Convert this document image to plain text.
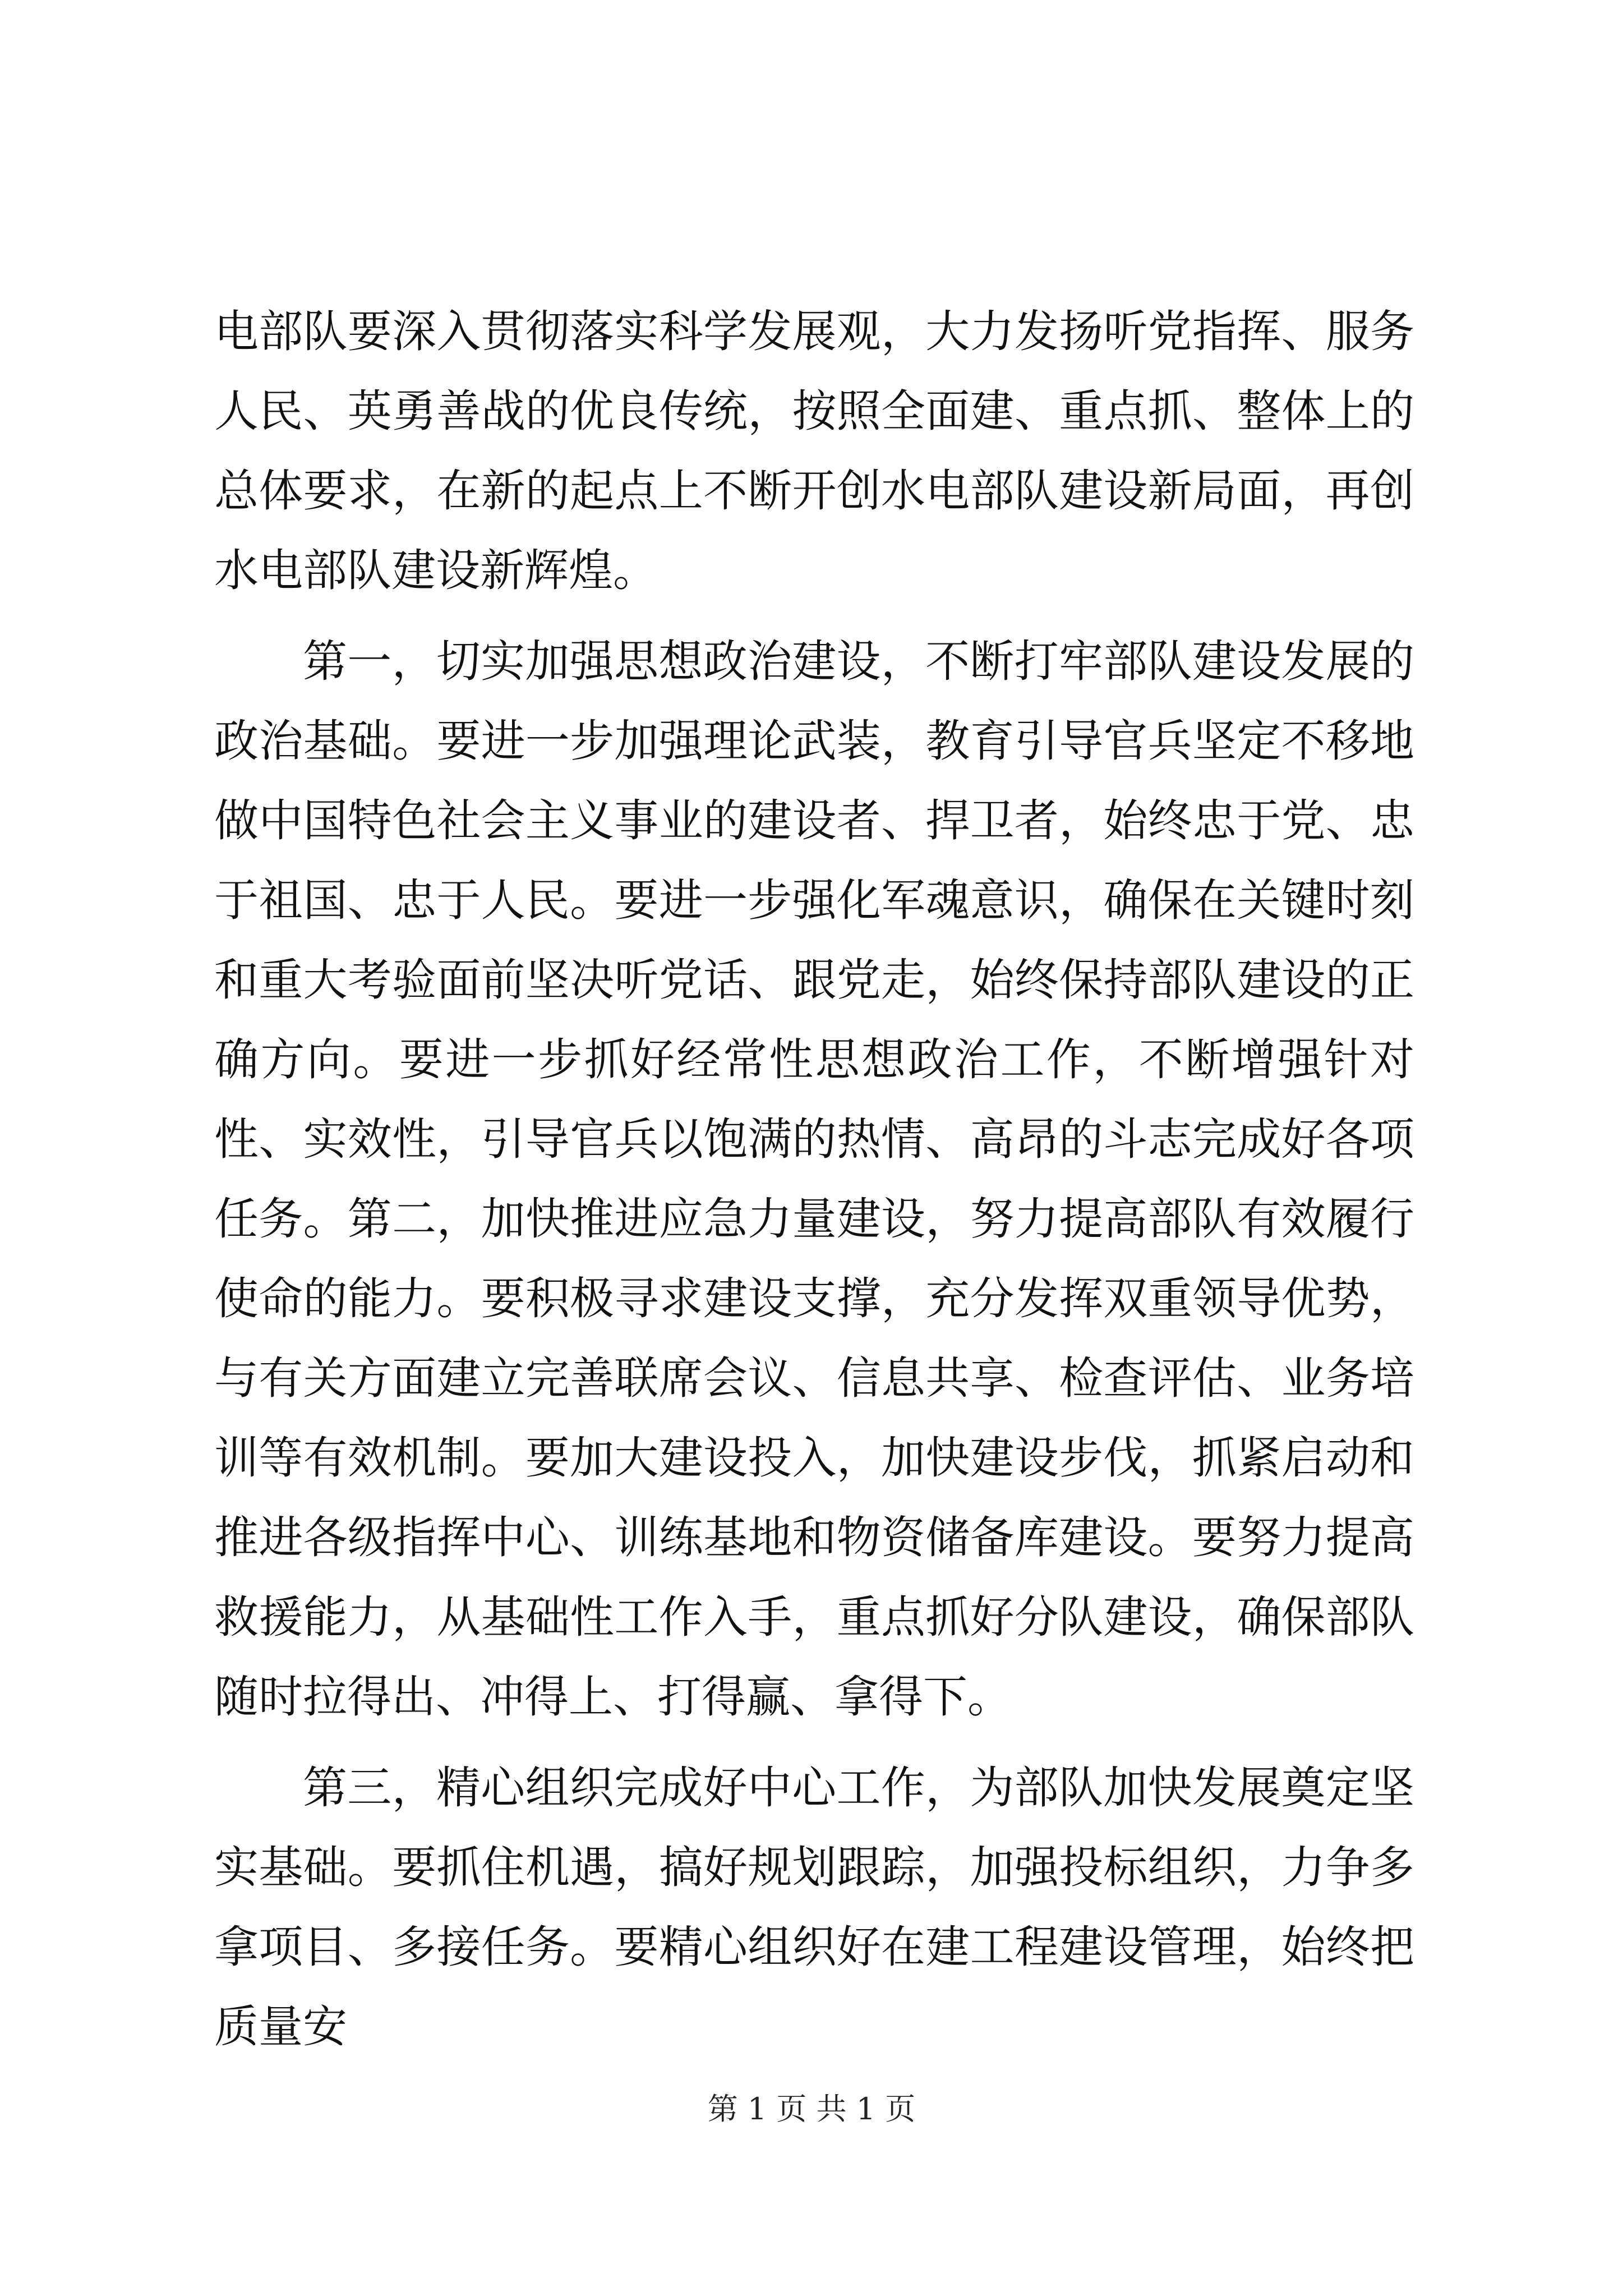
电部队要深入贯彻落实科学发展观，大力发扬听党指挥、服务人民、英勇善战的优良传统，按照全面建、重点抓、整体上的总体要求，在新的起点上不断开创水电部队建设新局面，再创水电部队建设新辉煌。

第一，切实加强思想政治建设，不断打牢部队建设发展的政治基础。要进一步加强理论武装，教育引导官兵坚定不移地做中国特色社会主义事业的建设者、捍卫者，始终忠于党、忠于祖国、忠于人民。要进一步强化军魂意识，确保在关键时刻和重大考验面前坚决听党话、跟党走，始终保持部队建设的正确方向。要进一步抓好经常性思想政治工作，不断增强针对性、实效性，引导官兵以饱满的热情、高昂的斗志完成好各项任务。第二，加快推进应急力量建设，努力提高部队有效履行使命的能力。要积极寻求建设支撑，充分发挥双重领导优势，与有关方面建立完善联席会议、信息共享、检查评估、业务培训等有效机制。要加大建设投入，加快建设步伐，抓紧启动和推进各级指挥中心、训练基地和物资储备库建设。要努力提高救援能力，从基础性工作入手，重点抓好分队建设，确保部队随时拉得出、冲得上、打得赢、拿得下。

第三，精心组织完成好中心工作，为部队加快发展奠定坚实基础。要抓住机遇，搞好规划跟踪，加强投标组织，力争多拿项目、多接任务。要精心组织好在建工程建设管理，始终把质量安

第 1 页 共 1 页
